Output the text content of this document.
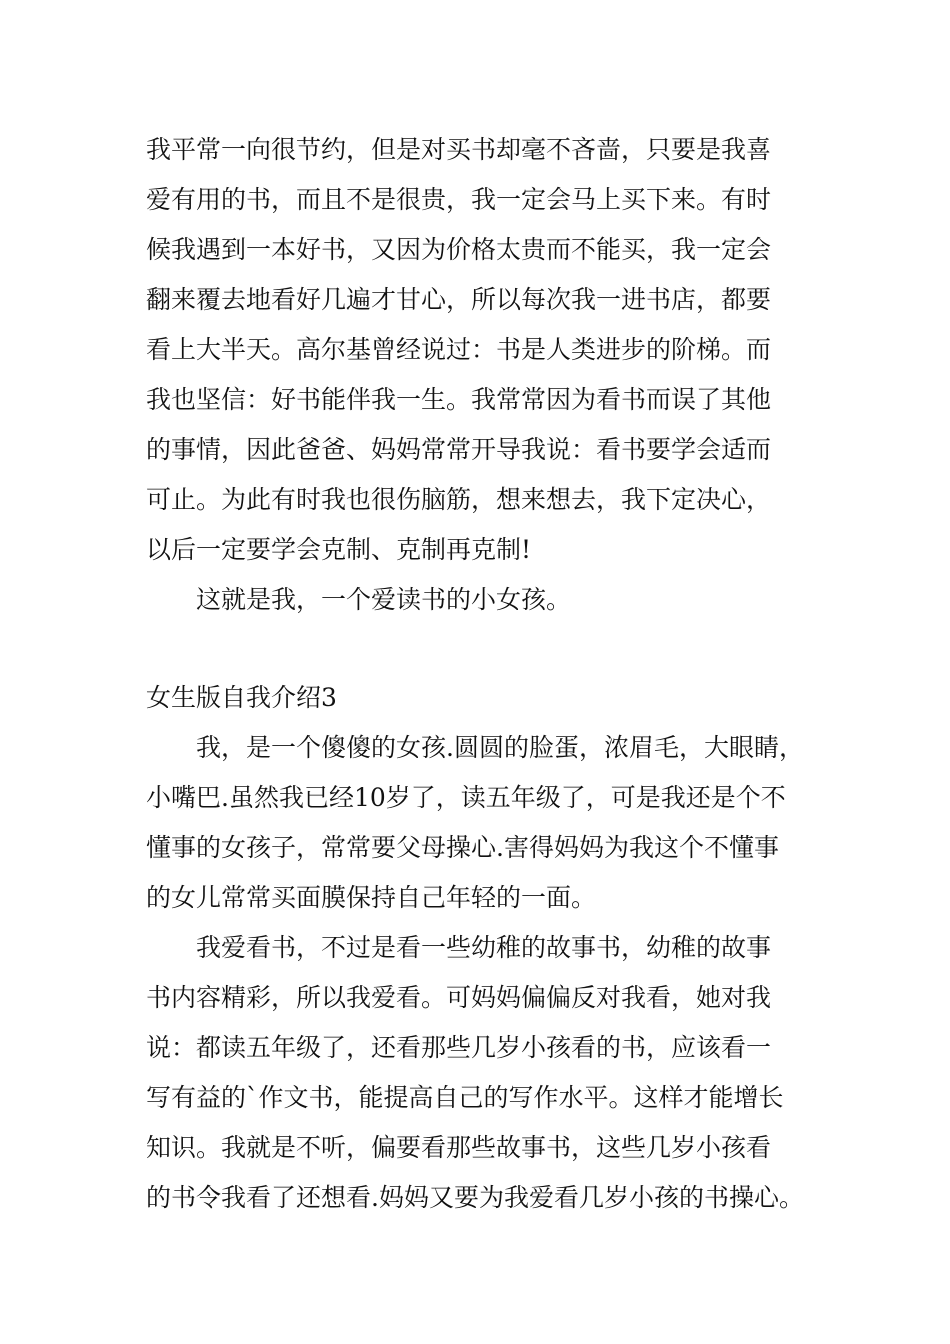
我平常一向很节约，但是对买书却毫不吝啬，只要是我喜
爱有用的书，而且不是很贵，我一定会马上买下来。有时
候我遇到一本好书，又因为价格太贵而不能买，我一定会
翻来覆去地看好几遍才甘心，所以每次我一进书店，都要
看上大半天。高尔基曾经说过：书是人类进步的阶梯。而
我也坚信：好书能伴我一生。我常常因为看书而误了其他
的事情，因此爸爸、妈妈常常开导我说：看书要学会适而
可止。为此有时我也很伤脑筋，想来想去，我下定决心，
以后一定要学会克制、克制再克制!
这就是我，一个爱读书的小女孩。
女生版自我介绍3
我，是一个傻傻的女孩.圆圆的脸蛋，浓眉毛，大眼睛，
小嘴巴.虽然我已经10岁了，读五年级了，可是我还是个不
懂事的女孩子，常常要父母操心.害得妈妈为我这个不懂事
的女儿常常买面膜保持自己年轻的一面。
我爱看书，不过是看一些幼稚的故事书，幼稚的故事
书内容精彩，所以我爱看。可妈妈偏偏反对我看，她对我
说：都读五年级了，还看那些几岁小孩看的书，应该看一
写有益的`作文书，能提高自己的写作水平。这样才能增长
知识。我就是不听，偏要看那些故事书，这些几岁小孩看
的书令我看了还想看.妈妈又要为我爱看几岁小孩的书操心。
